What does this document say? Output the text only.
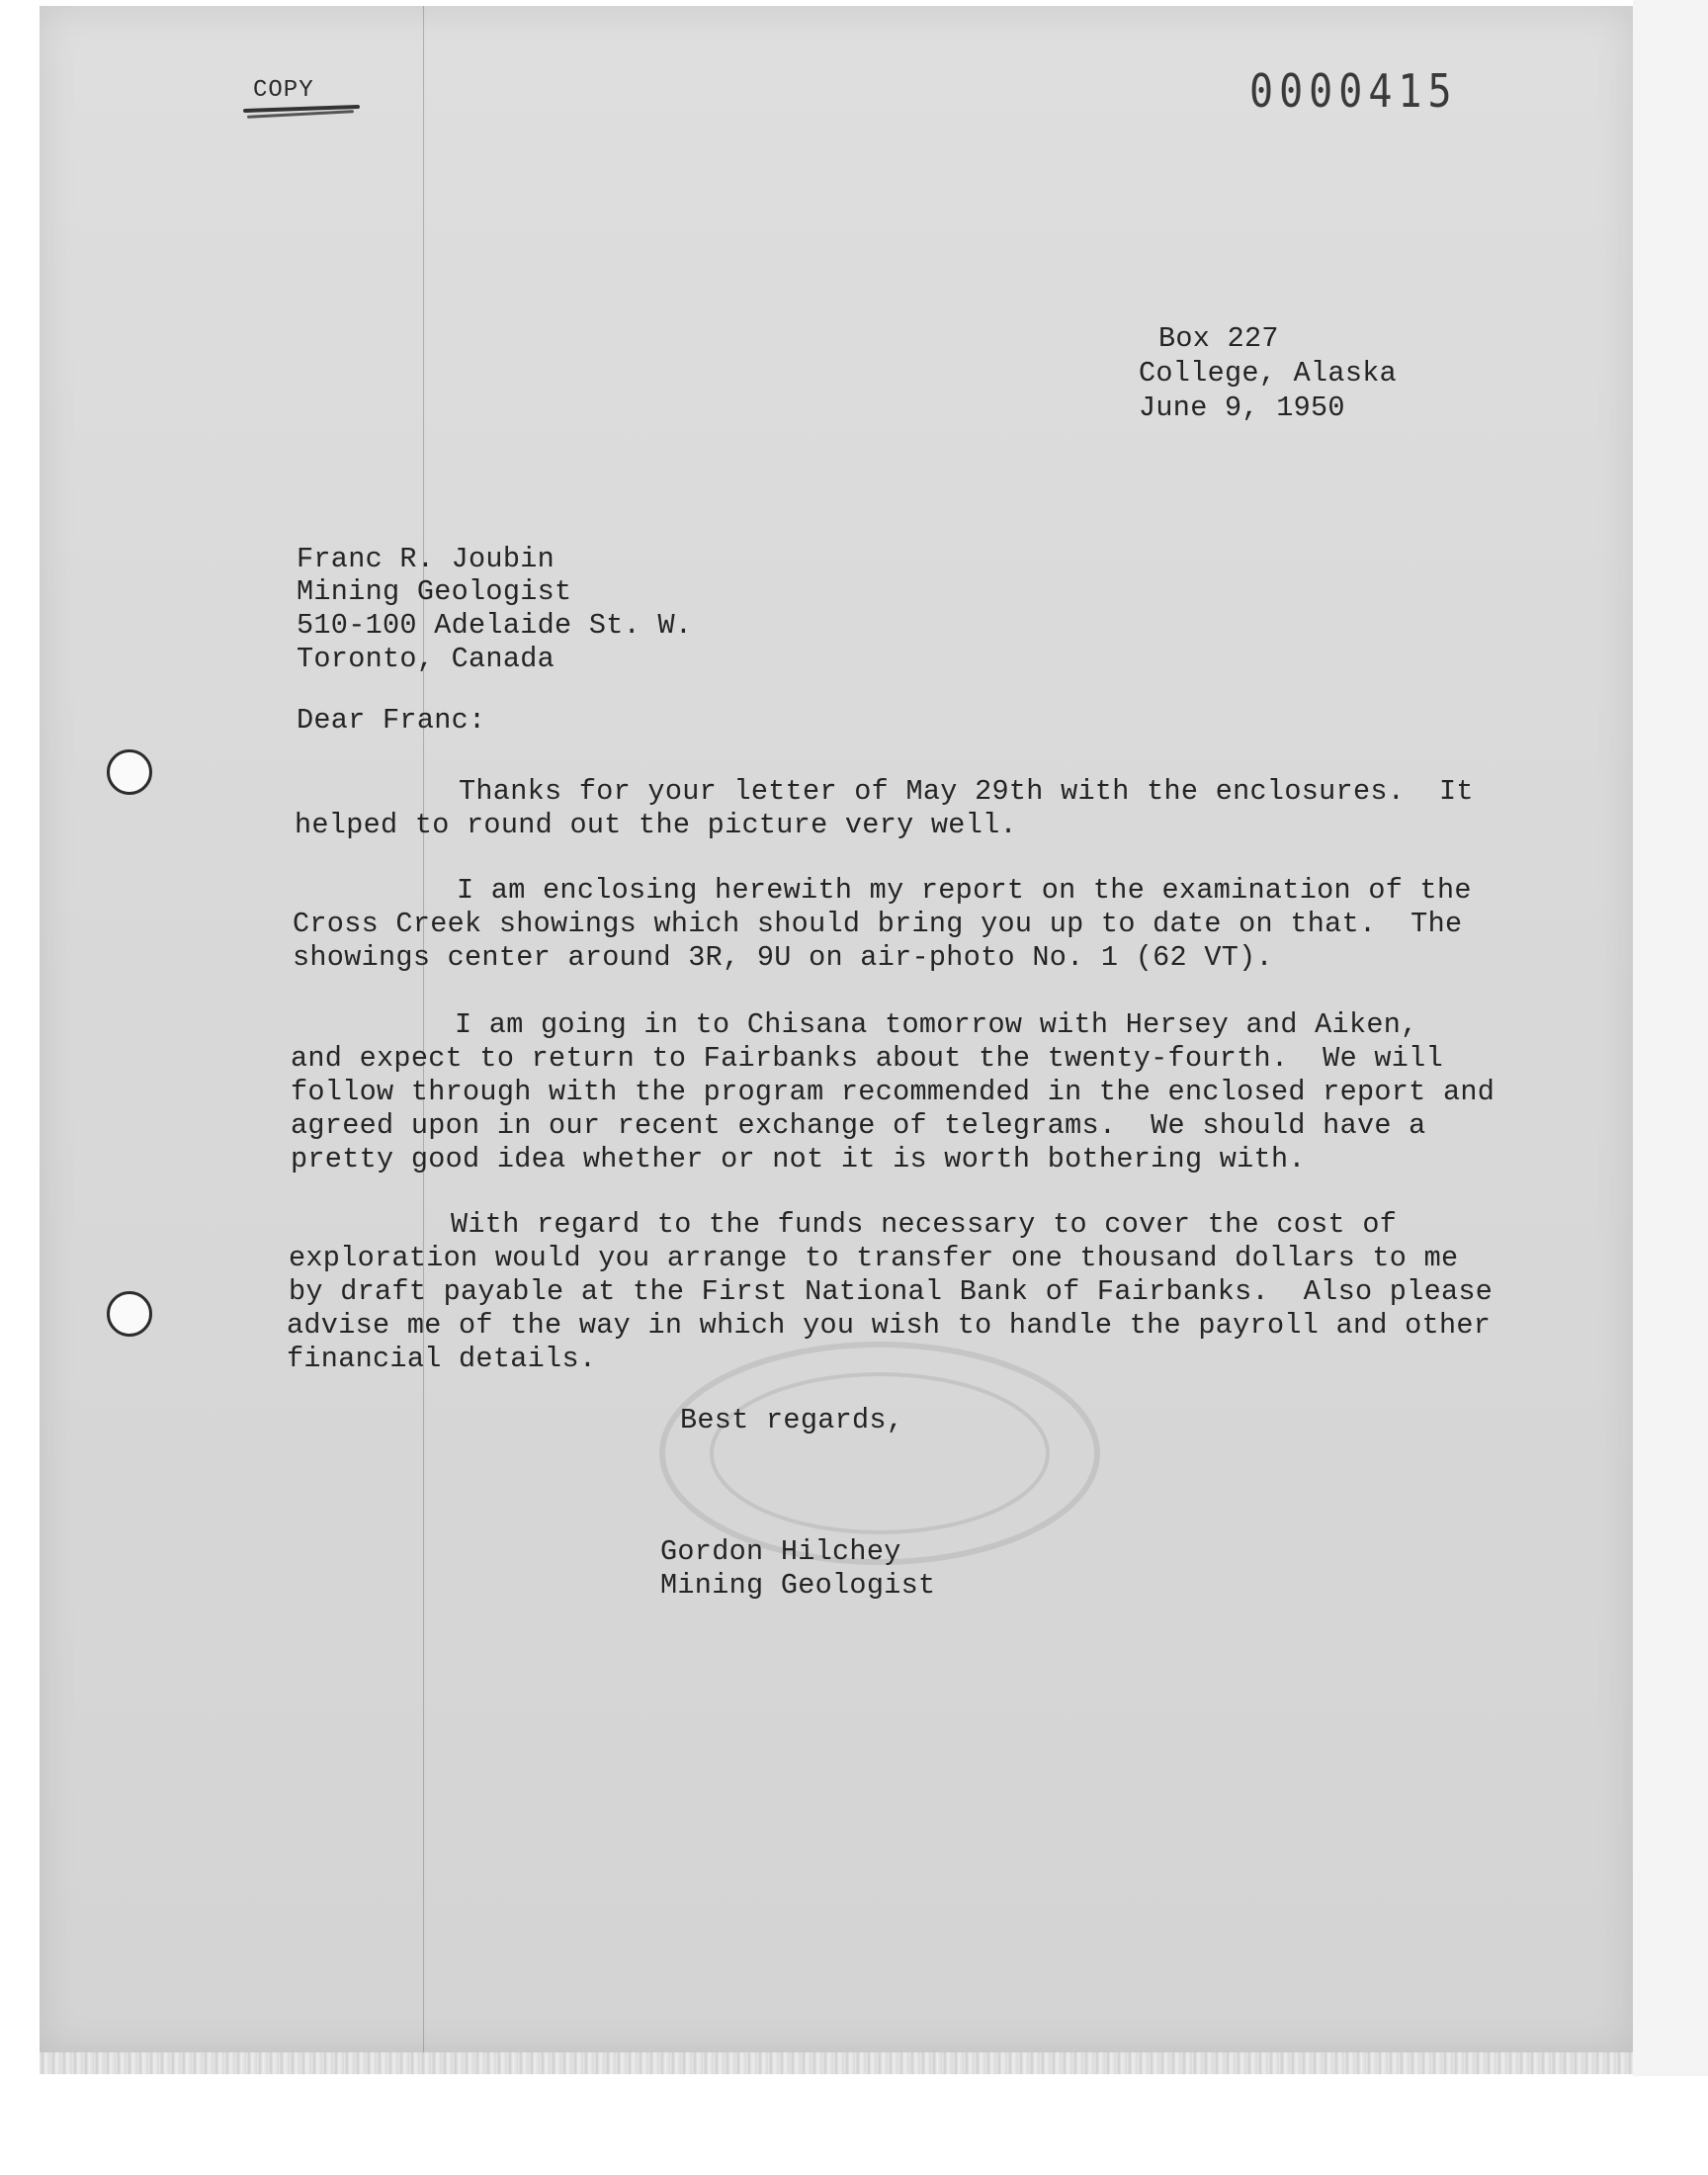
COPY	0000415
Box 227
College, Alaska
June 9, 1950
Franc R. Joubin
Mining Geologist
510-100 Adelaide St. W.
Toronto, Canada
Dear Franc:
Thanks for your letter of May 29th with the enclosures.  It
helped to round out the picture very well.
I am enclosing herewith my report on the examination of the
Cross Creek showings which should bring you up to date on that.  The
showings center around 3R, 9U on air-photo No. 1 (62 VT).
I am going in to Chisana tomorrow with Hersey and Aiken,
and expect to return to Fairbanks about the twenty-fourth.  We will
follow through with the program recommended in the enclosed report and
agreed upon in our recent exchange of telegrams.  We should have a
pretty good idea whether or not it is worth bothering with.
With regard to the funds necessary to cover the cost of
exploration would you arrange to transfer one thousand dollars to me
by draft payable at the First National Bank of Fairbanks.  Also please
advise me of the way in which you wish to handle the payroll and other
financial details.
Best regards,
Gordon Hilchey
Mining Geologist
